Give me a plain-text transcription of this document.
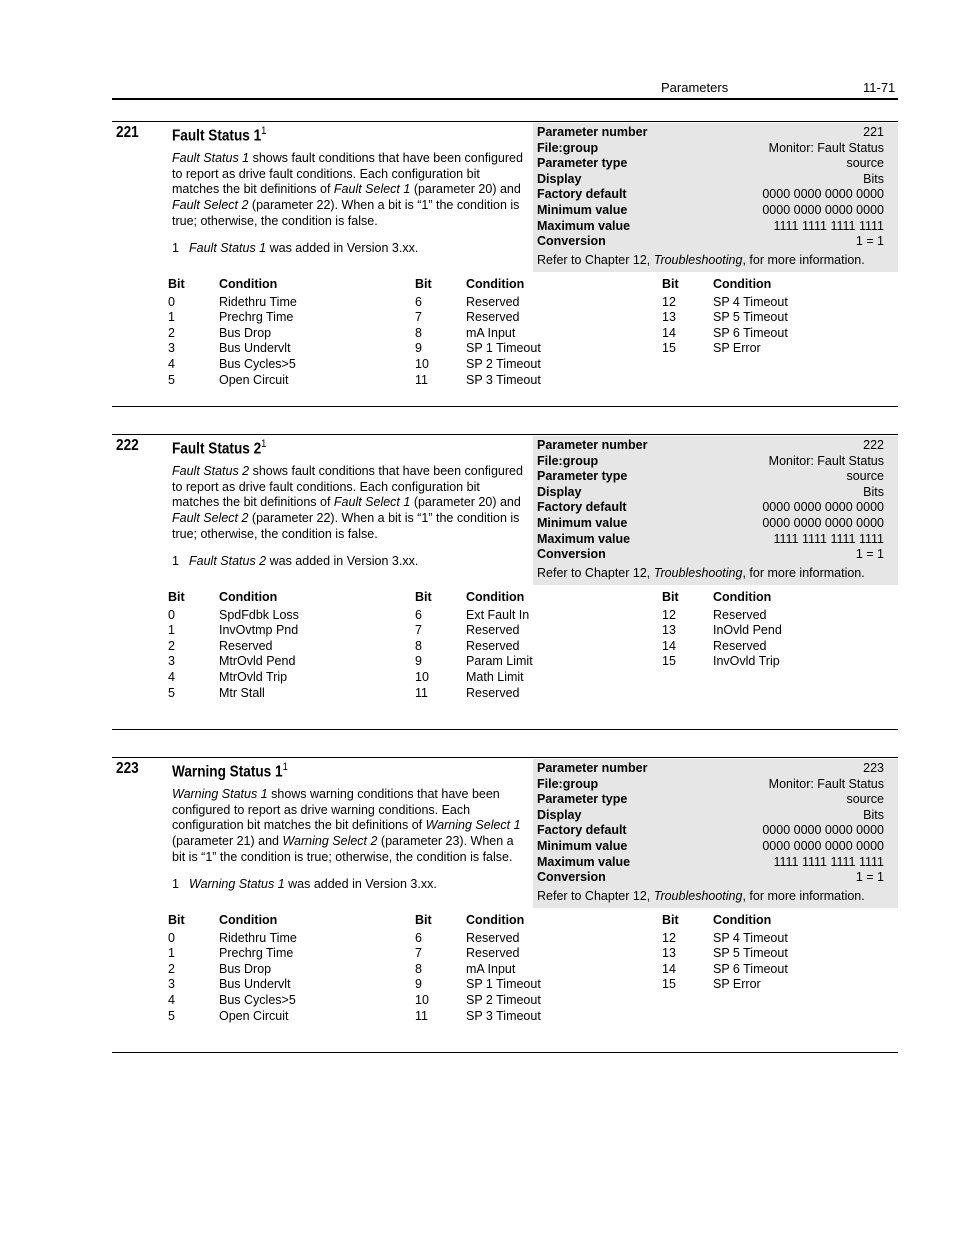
Parameters	11-71
221 Fault Status $1^1$
Fault Status 1 shows fault conditions that have been configured to report as drive fault conditions. Each configuration bit matches the bit definitions of Fault Select 1 (parameter 20) and Fault Select 2 (parameter 22). When a bit is “1” the condition is true; otherwise, the condition is false.
1 Fault Status 1 was added in Version 3.xx.
Parameter number	221
File:group	Monitor: Fault Status
Parameter type	source
Display	Bits
Factory default	0000 0000 0000 0000
Minimum value	0000 0000 0000 0000
Maximum value	1111 1111 1111 1111
Conversion	1 = 1
Refer to Chapter 12, Troubleshooting, for more information.
Bit	Condition
0	Ridethru Time
1	Prechrg Time
2	Bus Drop
3	Bus Undervlt
4	Bus Cycles>5
5	Open Circuit
Bit	Condition
6	Reserved
7	Reserved
8	mA Input
9	SP 1 Timeout
10	SP 2 Timeout
11	SP 3 Timeout
Bit	Condition
12	SP 4 Timeout
13	SP 5 Timeout
14	SP 6 Timeout
15	SP Error
222 Fault Status $2^1$
Fault Status 2 shows fault conditions that have been configured to report as drive fault conditions. Each configuration bit matches the bit definitions of Fault Select 1 (parameter 20) and Fault Select 2 (parameter 22). When a bit is “1” the condition is true; otherwise, the condition is false.
1 Fault Status 2 was added in Version 3.xx.
Parameter number	222
File:group	Monitor: Fault Status
Parameter type	source
Display	Bits
Factory default	0000 0000 0000 0000
Minimum value	0000 0000 0000 0000
Maximum value	1111 1111 1111 1111
Conversion	1 = 1
Refer to Chapter 12, Troubleshooting, for more information.
Bit	Condition
0	SpdFdbk Loss
1	InvOvtmp Pnd
2	Reserved
3	MtrOvld Pend
4	MtrOvld Trip
5	Mtr Stall
Bit	Condition
6	Ext Fault In
7	Reserved
8	Reserved
9	Param Limit
10	Math Limit
11	Reserved
Bit	Condition
12	Reserved
13	InOvld Pend
14	Reserved
15	InvOvld Trip
223 Warning Status $1^1$
Warning Status 1 shows warning conditions that have been configured to report as drive warning conditions. Each configuration bit matches the bit definitions of Warning Select 1 (parameter 21) and Warning Select 2 (parameter 23). When a bit is “1” the condition is true; otherwise, the condition is false.
1 Warning Status 1 was added in Version 3.xx.
Parameter number	223
File:group	Monitor: Fault Status
Parameter type	source
Display	Bits
Factory default	0000 0000 0000 0000
Minimum value	0000 0000 0000 0000
Maximum value	1111 1111 1111 1111
Conversion	1 = 1
Refer to Chapter 12, Troubleshooting, for more information.
Bit	Condition
0	Ridethru Time
1	Prechrg Time
2	Bus Drop
3	Bus Undervlt
4	Bus Cycles>5
5	Open Circuit
Bit	Condition
6	Reserved
7	Reserved
8	mA Input
9	SP 1 Timeout
10	SP 2 Timeout
11	SP 3 Timeout
Bit	Condition
12	SP 4 Timeout
13	SP 5 Timeout
14	SP 6 Timeout
15	SP Error
